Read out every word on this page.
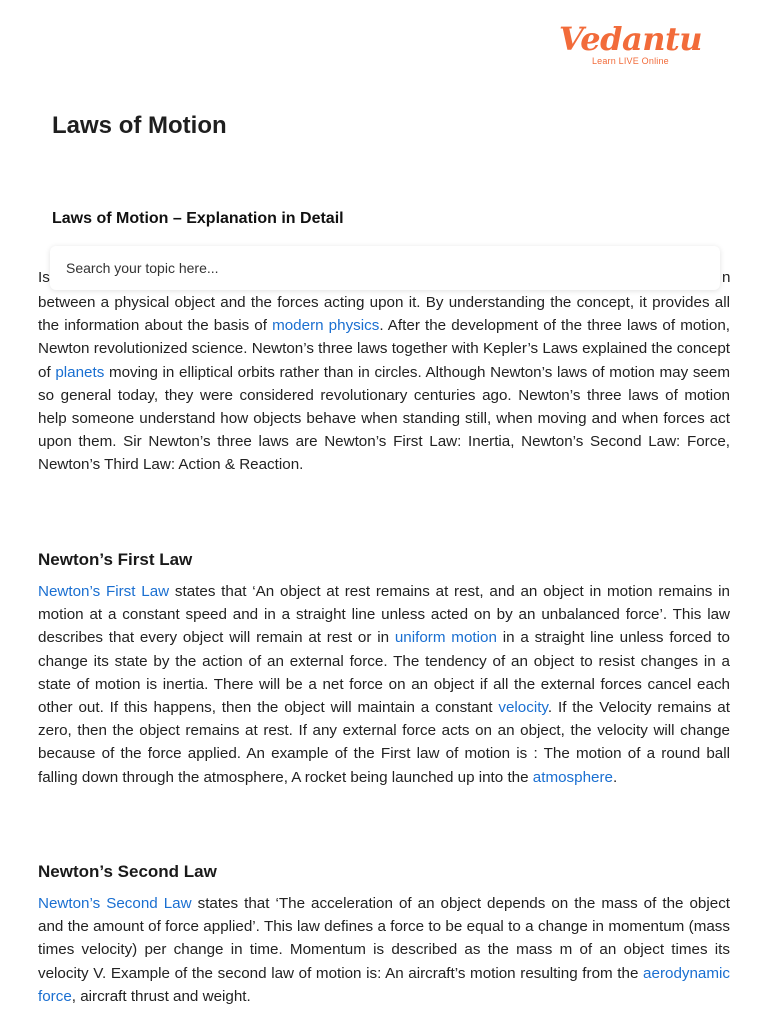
Vedantu
Learn LIVE Online
Laws of Motion
Laws of Motion – Explanation in Detail
Is	n
Search your topic here...

between a physical object and the forces acting upon it. By understanding the concept, it provides all the information about the basis of modern physics. After the development of the three laws of motion, Newton revolutionized science. Newton’s three laws together with Kepler’s Laws explained the concept of planets moving in elliptical orbits rather than in circles. Although Newton’s laws of motion may seem so general today, they were considered revolutionary centuries ago. Newton’s three laws of motion help someone understand how objects behave when standing still, when moving and when forces act upon them. Sir Newton’s three laws are Newton’s First Law: Inertia, Newton’s Second Law: Force, Newton’s Third Law: Action & Reaction.

Newton’s First Law

Newton’s First Law states that ‘An object at rest remains at rest, and an object in motion remains in motion at a constant speed and in a straight line unless acted on by an unbalanced force’. This law describes that every object will remain at rest or in uniform motion in a straight line unless forced to change its state by the action of an external force. The tendency of an object to resist changes in a state of motion is inertia. There will be a net force on an object if all the external forces cancel each other out. If this happens, then the object will maintain a constant velocity. If the Velocity remains at zero, then the object remains at rest. If any external force acts on an object, the velocity will change because of the force applied. An example of the First law of motion is : The motion of a round ball falling down through the atmosphere, A rocket being launched up into the atmosphere.

Newton’s Second Law

Newton’s Second Law states that ‘The acceleration of an object depends on the mass of the object and the amount of force applied’. This law defines a force to be equal to a change in momentum (mass times velocity) per change in time. Momentum is described as the mass m of an object times its velocity V. Example of the second law of motion is: An aircraft’s motion resulting from the aerodynamic force, aircraft thrust and weight.
